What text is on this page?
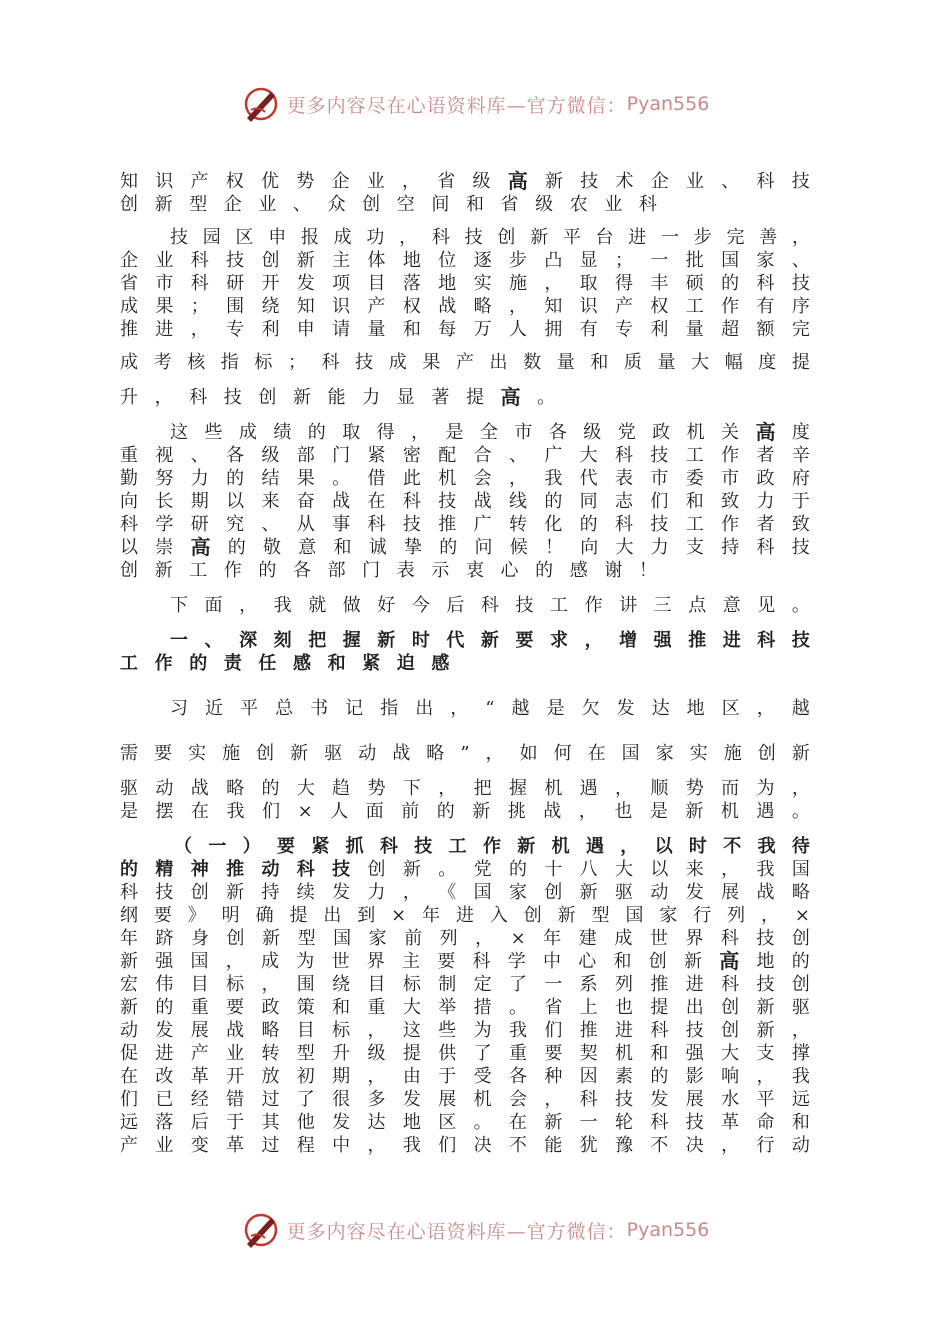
更多内容尽在心语资料库—官方微信： Pyan556
知 识 产 权 优 势 企 业 ， 省 级 高 新 技 术 企 业 、 科 技
创 新 型 企 业 、 众 创 空 间 和 省 级 农 业 科
技 园 区 申 报 成 功 ， 科 技 创 新 平 台 进 一 步 完 善 ，
企 业 科 技 创 新 主 体 地 位 逐 步 凸 显 ； 一 批 国 家 、
省 市 科 研 开 发 项 目 落 地 实 施 ， 取 得 丰 硕 的 科 技
成 果 ； 围 绕 知 识 产 权 战 略 ， 知 识 产 权 工 作 有 序
推 进 ， 专 利 申 请 量 和 每 万 人 拥 有 专 利 量 超 额 完
成 考 核 指 标 ； 科 技 成 果 产 出 数 量 和 质 量 大 幅 度 提
升 ， 科 技 创 新 能 力 显 著 提 高 。
这 些 成 绩 的 取 得 ， 是 全 市 各 级 党 政 机 关 高 度
重 视 、 各 级 部 门 紧 密 配 合 、 广 大 科 技 工 作 者 辛
勤 努 力 的 结 果 。 借 此 机 会 ， 我 代 表 市 委 市 政 府
向 长 期 以 来 奋 战 在 科 技 战 线 的 同 志 们 和 致 力 于
科 学 研 究 、 从 事 科 技 推 广 转 化 的 科 技 工 作 者 致
以 崇 高 的 敬 意 和 诚 挚 的 问 候 ！ 向 大 力 支 持 科 技
创 新 工 作 的 各 部 门 表 示 衷 心 的 感 谢 ！
下 面 ， 我 就 做 好 今 后 科 技 工 作 讲 三 点 意 见 。
一 、 深 刻 把 握 新 时 代 新 要 求 ， 增 强 推 进 科 技
工 作 的 责 任 感 和 紧 迫 感
习 近 平 总 书 记 指 出 ， “ 越 是 欠 发 达 地 区 ， 越
需 要 实 施 创 新 驱 动 战 略 ” ， 如 何 在 国 家 实 施 创 新
驱 动 战 略 的 大 趋 势 下 ， 把 握 机 遇 ， 顺 势 而 为 ，
是 摆 在 我 们 × 人 面 前 的 新 挑 战 ， 也 是 新 机 遇 。
（ 一 ） 要 紧 抓 科 技 工 作 新 机 遇 ， 以 时 不 我 待
的 精 神 推 动 科 技 创 新 。 党 的 十 八 大 以 来 ， 我 国
科 技 创 新 持 续 发 力 ， 《 国 家 创 新 驱 动 发 展 战 略
纲 要 》 明 确 提 出 到 × 年 进 入 创 新 型 国 家 行 列 ， ×
年 跻 身 创 新 型 国 家 前 列 ， × 年 建 成 世 界 科 技 创
新 强 国 ， 成 为 世 界 主 要 科 学 中 心 和 创 新 高 地 的
宏 伟 目 标 ， 围 绕 目 标 制 定 了 一 系 列 推 进 科 技 创
新 的 重 要 政 策 和 重 大 举 措 。 省 上 也 提 出 创 新 驱
动 发 展 战 略 目 标 ， 这 些 为 我 们 推 进 科 技 创 新 ，
促 进 产 业 转 型 升 级 提 供 了 重 要 契 机 和 强 大 支 撑
在 改 革 开 放 初 期 ， 由 于 受 各 种 因 素 的 影 响 ， 我
们 已 经 错 过 了 很 多 发 展 机 会 ， 科 技 发 展 水 平 远
远 落 后 于 其 他 发 达 地 区 。 在 新 一 轮 科 技 革 命 和
产 业 变 革 过 程 中 ， 我 们 决 不 能 犹 豫 不 决 ， 行 动
更多内容尽在心语资料库—官方微信： Pyan556
